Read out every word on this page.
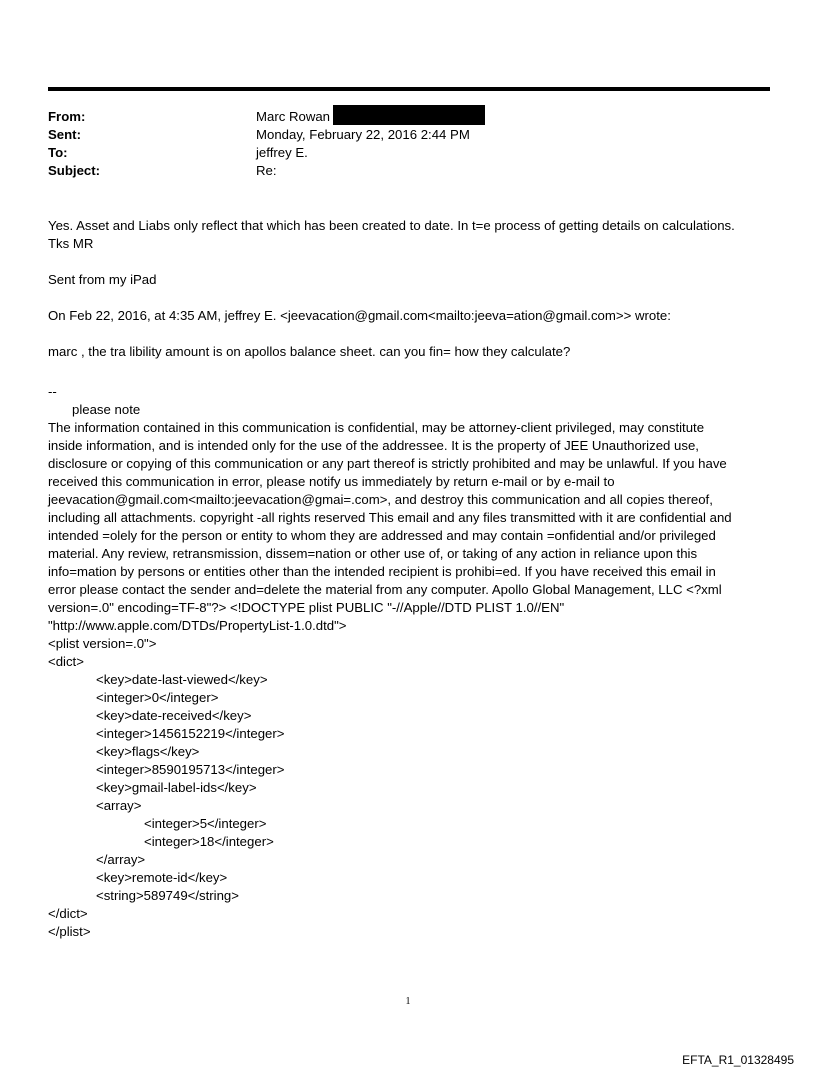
From:	Marc Rowan
Sent:	Monday, February 22, 2016 2:44 PM
To:	jeffrey E.
Subject:	Re:

Yes. Asset and Liabs only reflect that which has been created to date. In t=e process of getting details on calculations.

Tks MR

Sent from my iPad

On Feb 22, 2016, at 4:35 AM, jeffrey E. <jeevacation@gmail.com<mailto:jeeva=ation@gmail.com>> wrote:

marc , the tra libility amount is on apollos balance sheet. can you fin= how they calculate?

--

please note

The information contained in this communication is confidential, may be attorney-client privileged, may constitute

inside information, and is intended only for the use of the addressee. It is the property of JEE Unauthorized use,

disclosure or copying of this communication or any part thereof is strictly prohibited and may be unlawful. If you have

received this communication in error, please notify us immediately by return e-mail or by e-mail to

jeevacation@gmail.com<mailto:jeevacation@gmai=.com>, and destroy this communication and all copies thereof,

including all attachments. copyright -all rights reserved This email and any files transmitted with it are confidential and

intended =olely for the person or entity to whom they are addressed and may contain =onfidential and/or privileged

material. Any review, retransmission, dissem=nation or other use of, or taking of any action in reliance upon this

info=mation by persons or entities other than the intended recipient is prohibi=ed. If you have received this email in

error please contact the sender and=delete the material from any computer. Apollo Global Management, LLC <?xml

version=.0" encoding=TF-8"?> <!DOCTYPE plist PUBLIC "-//Apple//DTD PLIST 1.0//EN"

"http://www.apple.com/DTDs/PropertyList-1.0.dtd">

<plist version=.0">

<dict>

<key>date-last-viewed</key>

<integer>0</integer>

<key>date-received</key>

<integer>1456152219</integer>

<key>flags</key>

<integer>8590195713</integer>

<key>gmail-label-ids</key>

<array>

<integer>5</integer>

<integer>18</integer>

</array>

<key>remote-id</key>

<string>589749</string>

</dict>

</plist>

1
EFTA_R1_01328495
